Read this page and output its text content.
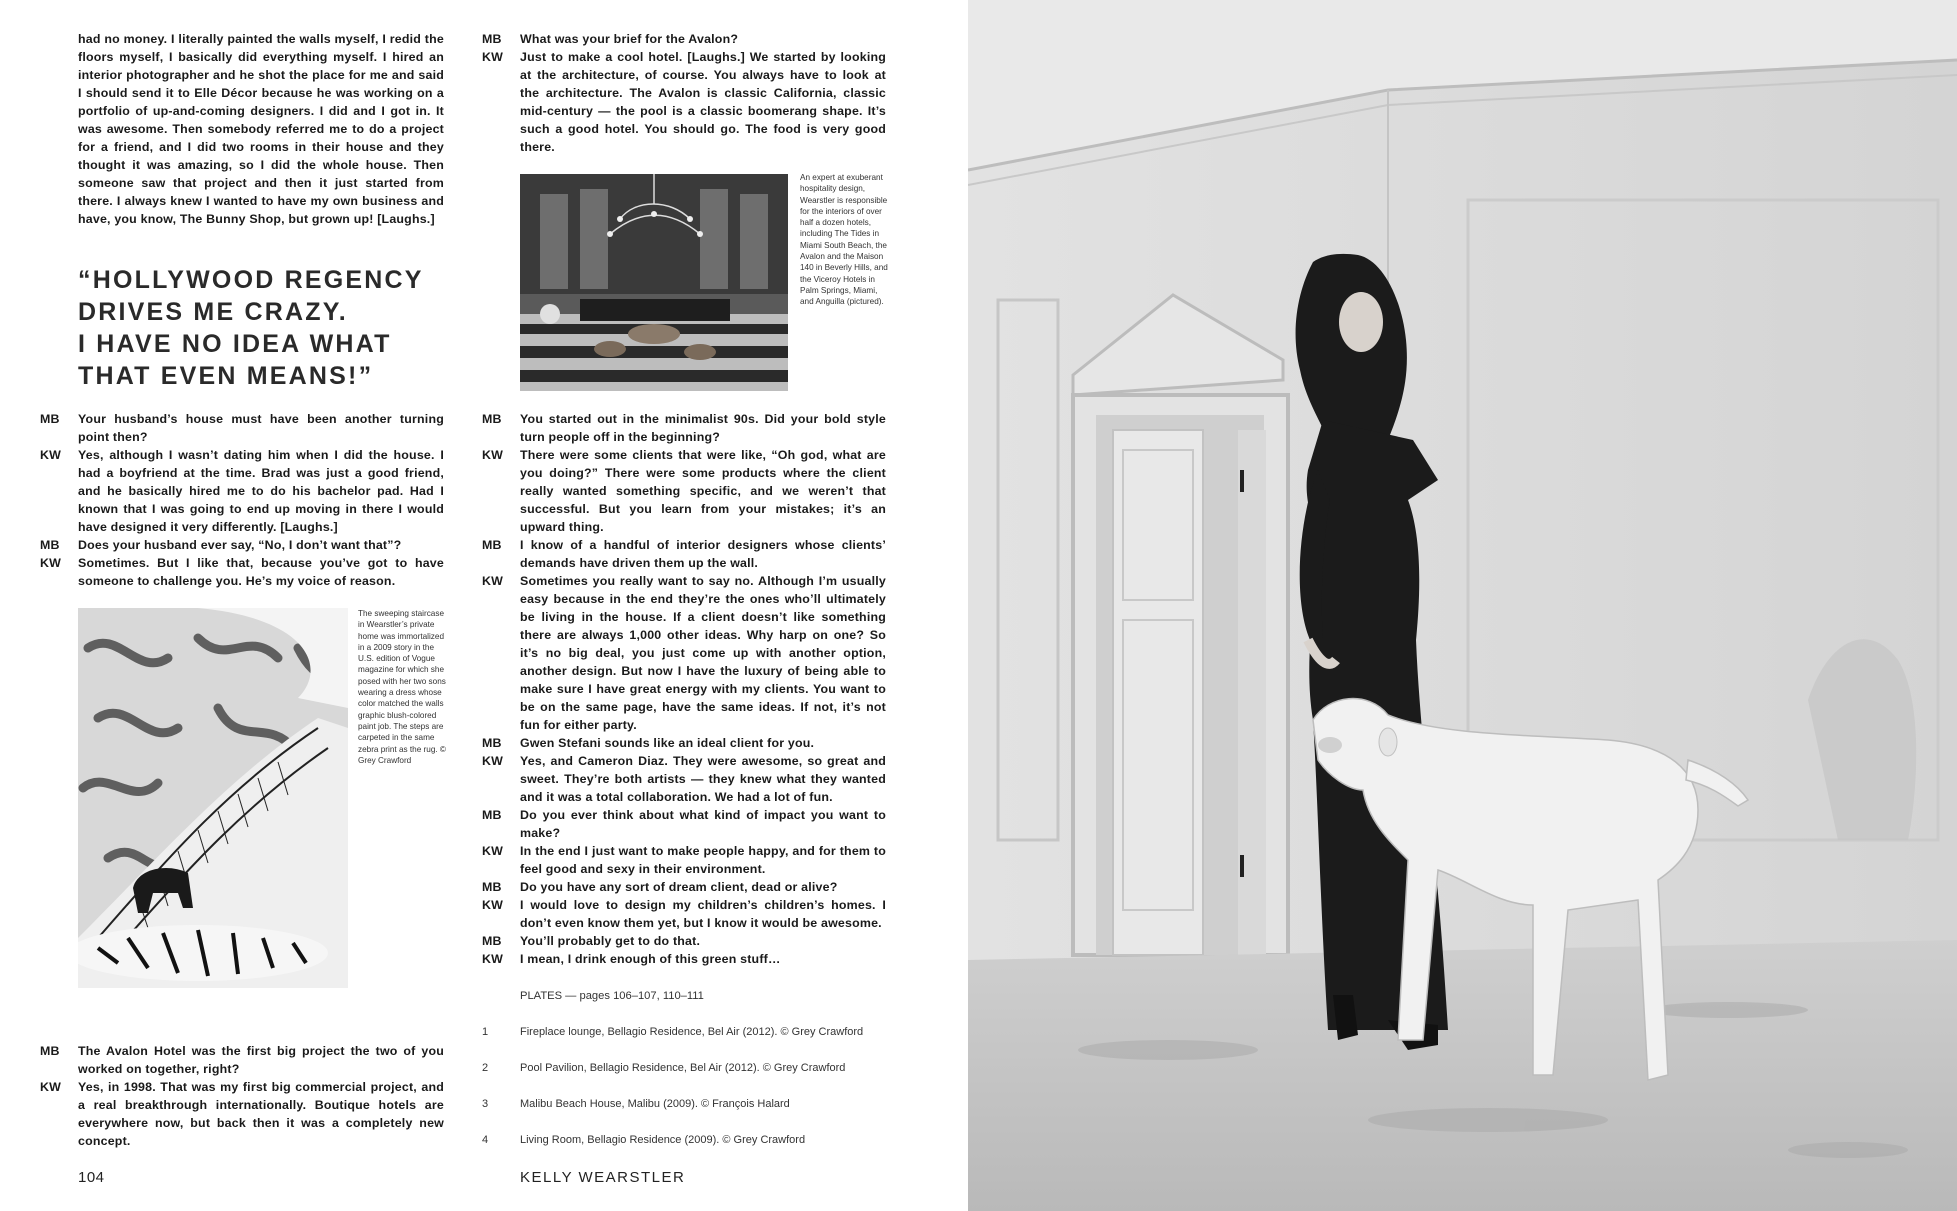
had no money. I literally painted the walls myself, I redid the floors myself, I basically did everything myself. I hired an interior photographer and he shot the place for me and said I should send it to Elle Décor because he was working on a portfolio of up-and-coming designers. I did and I got in. It was awesome. Then somebody referred me to do a project for a friend, and I did two rooms in their house and they thought it was amazing, so I did the whole house. Then someone saw that project and then it just started from there. I always knew I wanted to have my own business and have, you know, The Bunny Shop, but grown up! [Laughs.]

“HOLLYWOOD REGENCY

DRIVES ME CRAZY.

I HAVE NO IDEA WHAT

THAT EVEN MEANS!”

MB	Your husband’s house must have been another turning point then?
KW	Yes, although I wasn’t dating him when I did the house. I had a boyfriend at the time. Brad was just a good friend, and he basically hired me to do his bachelor pad. Had I known that I was going to end up moving in there I would have designed it very differently. [Laughs.]
MB	Does your husband ever say, “No, I don’t want that”?
KW	Sometimes. But I like that, because you’ve got to have someone to challenge you. He’s my voice of reason.

The sweeping staircase in Wearstler’s private home was immortalized in a 2009 story in the U.S. edition of Vogue magazine for which she posed with her two sons wearing a dress whose color matched the walls graphic blush-colored paint job. The steps are carpeted in the same zebra print as the rug. © Grey Crawford

MB	The Avalon Hotel was the first big project the two of you worked on together, right?
KW	Yes, in 1998. That was my first big commercial project, and a real breakthrough internationally. Boutique hotels are everywhere now, but back then it was a completely new concept.
MB	What was your brief for the Avalon?
KW	Just to make a cool hotel. [Laughs.] We started by looking at the architecture, of course. You always have to look at the architecture. The Avalon is classic California, classic mid-century — the pool is a classic boomerang shape. It’s such a good hotel. You should go. The food is very good there.

An expert at exuberant hospitality design, Wearstler is responsible for the interiors of over half a dozen hotels, including The Tides in Miami South Beach, the Avalon and the Maison 140 in Beverly Hills, and the Viceroy Hotels in Palm Springs, Miami, and Anguilla (pictured).

MB	You started out in the minimalist 90s. Did your bold style turn people off in the beginning?
KW	There were some clients that were like, “Oh god, what are you doing?” There were some products where the client really wanted something specific, and we weren’t that successful. But you learn from your mistakes; it’s an upward thing.
MB	I know of a handful of interior designers whose clients’ demands have driven them up the wall.
KW	Sometimes you really want to say no. Although I’m usually easy because in the end they’re the ones who’ll ultimately be living in the house. If a client doesn’t like something there are always 1,000 other ideas. Why harp on one? So it’s no big deal, you just come up with another option, another design. But now I have the luxury of being able to make sure I have great energy with my clients. You want to be on the same page, have the same ideas. If not, it’s not fun for either party.
MB	Gwen Stefani sounds like an ideal client for you.
KW	Yes, and Cameron Diaz. They were awesome, so great and sweet. They’re both artists — they knew what they wanted and it was a total collaboration. We had a lot of fun.
MB	Do you ever think about what kind of impact you want to make?
KW	In the end I just want to make people happy, and for them to feel good and sexy in their environment.
MB	Do you have any sort of dream client, dead or alive?
KW	I would love to design my children’s children’s homes. I don’t even know them yet, but I know it would be awesome.
MB	You’ll probably get to do that.
KW	I mean, I drink enough of this green stuff…
PLATES — pages 106–107, 110–111
1	Fireplace lounge, Bellagio Residence, Bel Air (2012). © Grey Crawford
2	Pool Pavilion, Bellagio Residence, Bel Air (2012). © Grey Crawford
3	Malibu Beach House, Malibu (2009). © François Halard
4	Living Room, Bellagio Residence (2009). © Grey Crawford
104	KELLY WEARSTLER
